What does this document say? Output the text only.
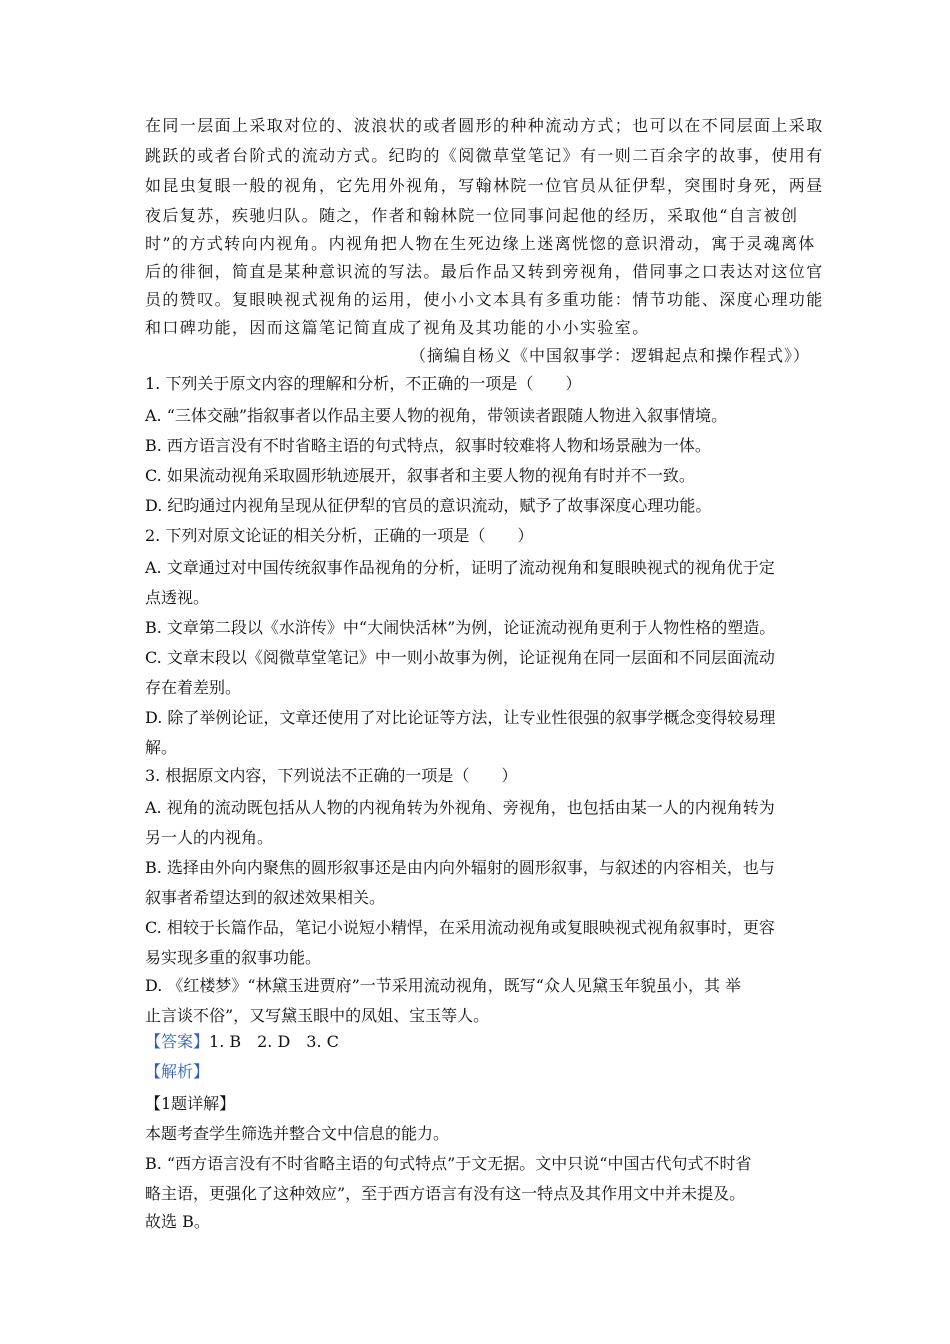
在同一层面上采取对位的、波浪状的或者圆形的种种流动方式；也可以在不同层面上采取
跳跃的或者台阶式的流动方式。纪昀的《阅微草堂笔记》有一则二百余字的故事，使用有
如昆虫复眼一般的视角，它先用外视角，写翰林院一位官员从征伊犁，突围时身死，两昼
夜后复苏，疾驰归队。随之，作者和翰林院一位同事问起他的经历，采取他“自言被创
时”的方式转向内视角。内视角把人物在生死边缘上迷离恍惚的意识滑动，寓于灵魂离体
后的徘徊，简直是某种意识流的写法。最后作品又转到旁视角，借同事之口表达对这位官
员的赞叹。复眼映视式视角的运用，使小小文本具有多重功能：情节功能、深度心理功能
和口碑功能，因而这篇笔记简直成了视角及其功能的小小实验室。
（摘编自杨义《中国叙事学：逻辑起点和操作程式》）
1. 下列关于原文内容的理解和分析，不正确的一项是（　　）
A. “三体交融”指叙事者以作品主要人物的视角，带领读者跟随人物进入叙事情境。
B. 西方语言没有不时省略主语的句式特点，叙事时较难将人物和场景融为一体。
C. 如果流动视角采取圆形轨迹展开，叙事者和主要人物的视角有时并不一致。
D. 纪昀通过内视角呈现从征伊犁的官员的意识流动，赋予了故事深度心理功能。
2. 下列对原文论证的相关分析，正确的一项是（　　）
A. 文章通过对中国传统叙事作品视角的分析，证明了流动视角和复眼映视式的视角优于定
点透视。
B. 文章第二段以《水浒传》中“大闹快活林”为例，论证流动视角更利于人物性格的塑造。
C. 文章末段以《阅微草堂笔记》中一则小故事为例，论证视角在同一层面和不同层面流动
存在着差别。
D. 除了举例论证，文章还使用了对比论证等方法，让专业性很强的叙事学概念变得较易理
解。
3. 根据原文内容，下列说法不正确的一项是（　　）
A. 视角的流动既包括从人物的内视角转为外视角、旁视角，也包括由某一人的内视角转为
另一人的内视角。
B. 选择由外向内聚焦的圆形叙事还是由内向外辐射的圆形叙事，与叙述的内容相关，也与
叙事者希望达到的叙述效果相关。
C. 相较于长篇作品，笔记小说短小精悍，在采用流动视角或复眼映视式视角叙事时，更容
易实现多重的叙事功能。
D. 《红楼梦》“林黛玉进贾府”一节采用流动视角，既写“众人见黛玉年貌虽小，其 举
止言谈不俗”，又写黛玉眼中的凤姐、宝玉等人。
【答案】1. B　2. D　3. C
【解析】
【1题详解】
本题考查学生筛选并整合文中信息的能力。
B. “西方语言没有不时省略主语的句式特点”于文无据。文中只说“中国古代句式不时省
略主语，更强化了这种效应”，至于西方语言有没有这一特点及其作用文中并未提及。
故选 B。
